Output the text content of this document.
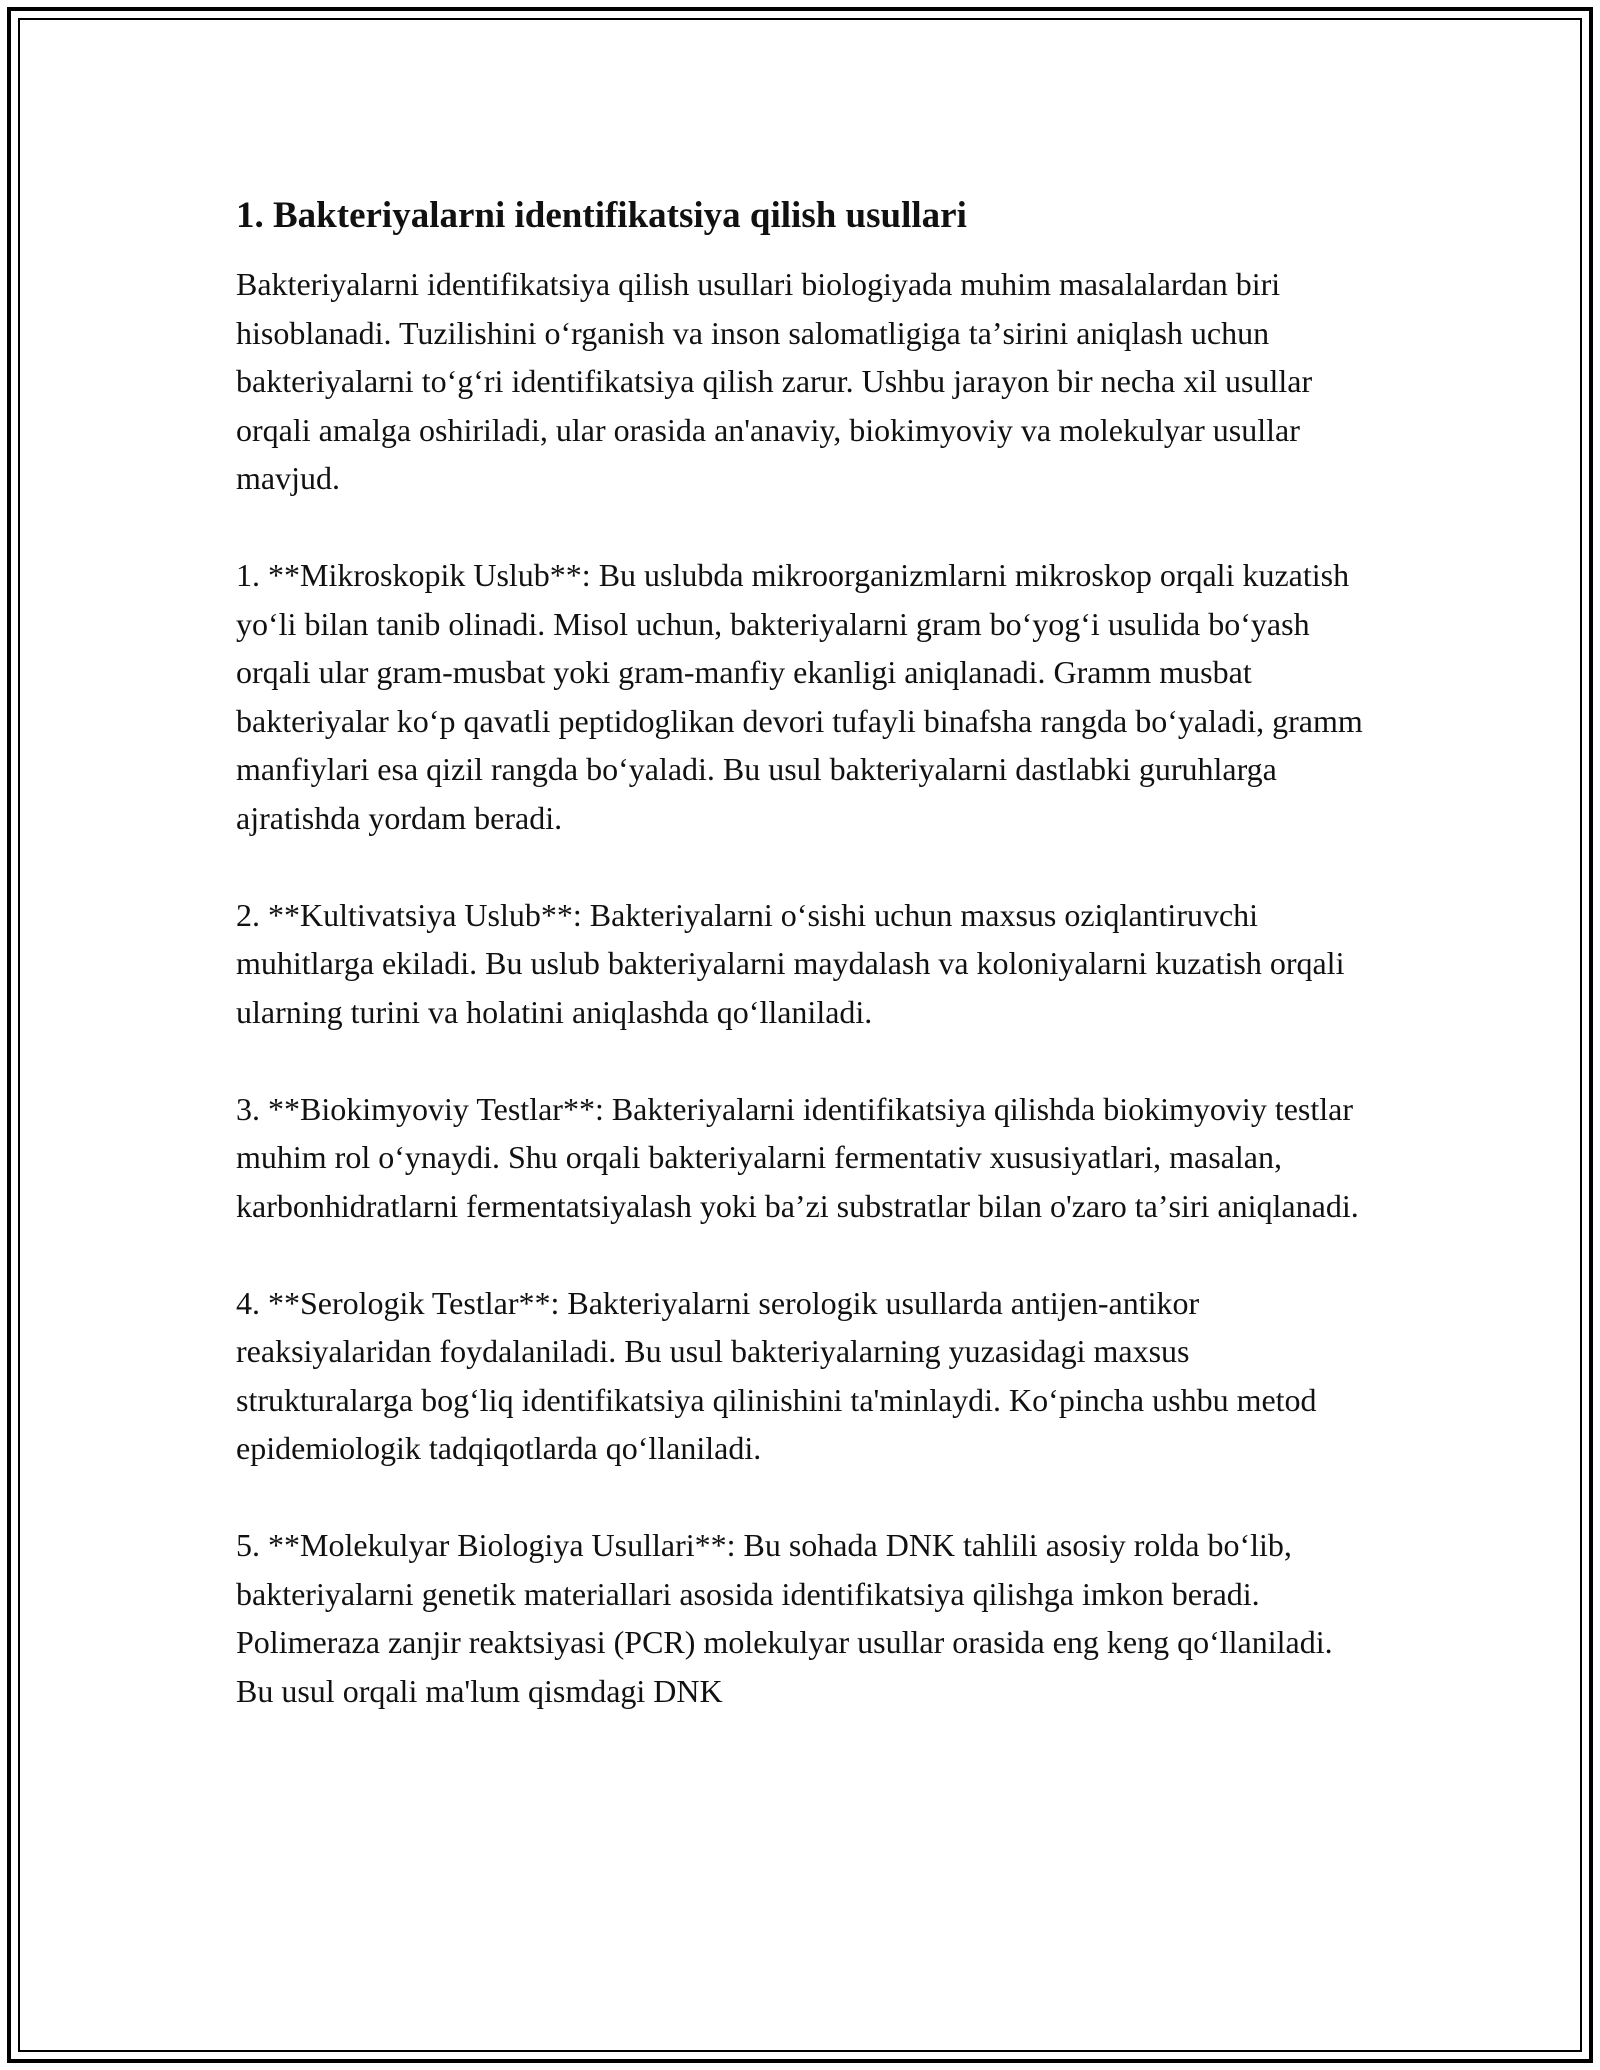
1. Bakteriyalarni identifikatsiya qilish usullari

Bakteriyalarni identifikatsiya qilish usullari biologiyada muhim masalalardan biri hisoblanadi. Tuzilishini oʻrganish va inson salomatligiga taʼsirini aniqlash uchun bakteriyalarni toʻgʻri identifikatsiya qilish zarur. Ushbu jarayon bir necha xil usullar orqali amalga oshiriladi, ular orasida an'anaviy, biokimyoviy va molekulyar usullar mavjud.

1. **Mikroskopik Uslub**: Bu uslubda mikroorganizmlarni mikroskop orqali kuzatish yoʻli bilan tanib olinadi. Misol uchun, bakteriyalarni gram boʻyogʻi usulida boʻyash orqali ular gram-musbat yoki gram-manfiy ekanligi aniqlanadi. Gramm musbat bakteriyalar koʻp qavatli peptidoglikan devori tufayli binafsha rangda boʻyaladi, gramm manfiylari esa qizil rangda boʻyaladi. Bu usul bakteriyalarni dastlabki guruhlarga ajratishda yordam beradi.

2. **Kultivatsiya Uslub**: Bakteriyalarni oʻsishi uchun maxsus oziqlantiruvchi muhitlarga ekiladi. Bu uslub bakteriyalarni maydalash va koloniyalarni kuzatish orqali ularning turini va holatini aniqlashda qoʻllaniladi.

3. **Biokimyoviy Testlar**: Bakteriyalarni identifikatsiya qilishda biokimyoviy testlar muhim rol oʻynaydi. Shu orqali bakteriyalarni fermentativ xususiyatlari, masalan, karbonhidratlarni fermentatsiyalash yoki baʼzi substratlar bilan o'zaro taʼsiri aniqlanadi.

4. **Serologik Testlar**: Bakteriyalarni serologik usullarda antijen-antikor reaksiyalaridan foydalaniladi. Bu usul bakteriyalarning yuzasidagi maxsus strukturalarga bogʻliq identifikatsiya qilinishini ta'minlaydi. Koʻpincha ushbu metod epidemiologik tadqiqotlarda qoʻllaniladi.

5. **Molekulyar Biologiya Usullari**: Bu sohada DNK tahlili asosiy rolda boʻlib, bakteriyalarni genetik materiallari asosida identifikatsiya qilishga imkon beradi. Polimeraza zanjir reaktsiyasi (PCR) molekulyar usullar orasida eng keng qoʻllaniladi. Bu usul orqali ma'lum qismdagi DNK
